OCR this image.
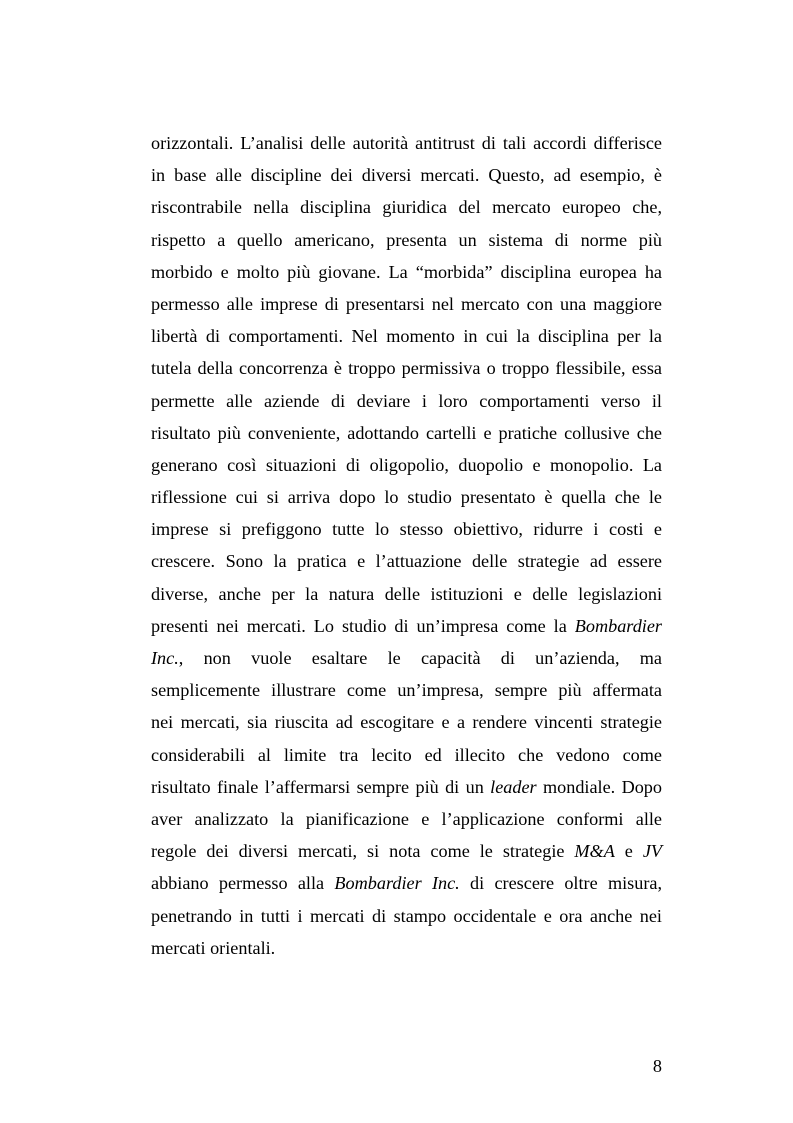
orizzontali. L’analisi delle autorità antitrust di tali accordi differisce
in base alle discipline dei diversi mercati. Questo, ad esempio, è
riscontrabile nella disciplina giuridica del mercato europeo che,
rispetto a quello americano, presenta un sistema di norme più
morbido e molto più giovane. La “morbida” disciplina europea ha
permesso alle imprese di presentarsi nel mercato con una maggiore
libertà di comportamenti. Nel momento in cui la disciplina per la
tutela della concorrenza è troppo permissiva o troppo flessibile, essa
permette alle aziende di deviare i loro comportamenti verso il
risultato più conveniente, adottando cartelli e pratiche collusive che
generano così situazioni di oligopolio, duopolio e monopolio. La
riflessione cui si arriva dopo lo studio presentato è quella che le
imprese si prefiggono tutte lo stesso obiettivo, ridurre i costi e
crescere. Sono la pratica e l’attuazione delle strategie ad essere
diverse, anche per la natura delle istituzioni e delle legislazioni
presenti nei mercati. Lo studio di un’impresa come la Bombardier
Inc., non vuole esaltare le capacità di un’azienda, ma
semplicemente illustrare come un’impresa, sempre più affermata
nei mercati, sia riuscita ad escogitare e a rendere vincenti strategie
considerabili al limite tra lecito ed illecito che vedono come
risultato finale l’affermarsi sempre più di un leader mondiale. Dopo
aver analizzato la pianificazione e l’applicazione conformi alle
regole dei diversi mercati, si nota come le strategie M&A e JV
abbiano permesso alla Bombardier Inc. di crescere oltre misura,
penetrando in tutti i mercati di stampo occidentale e ora anche nei
mercati orientali.
8
